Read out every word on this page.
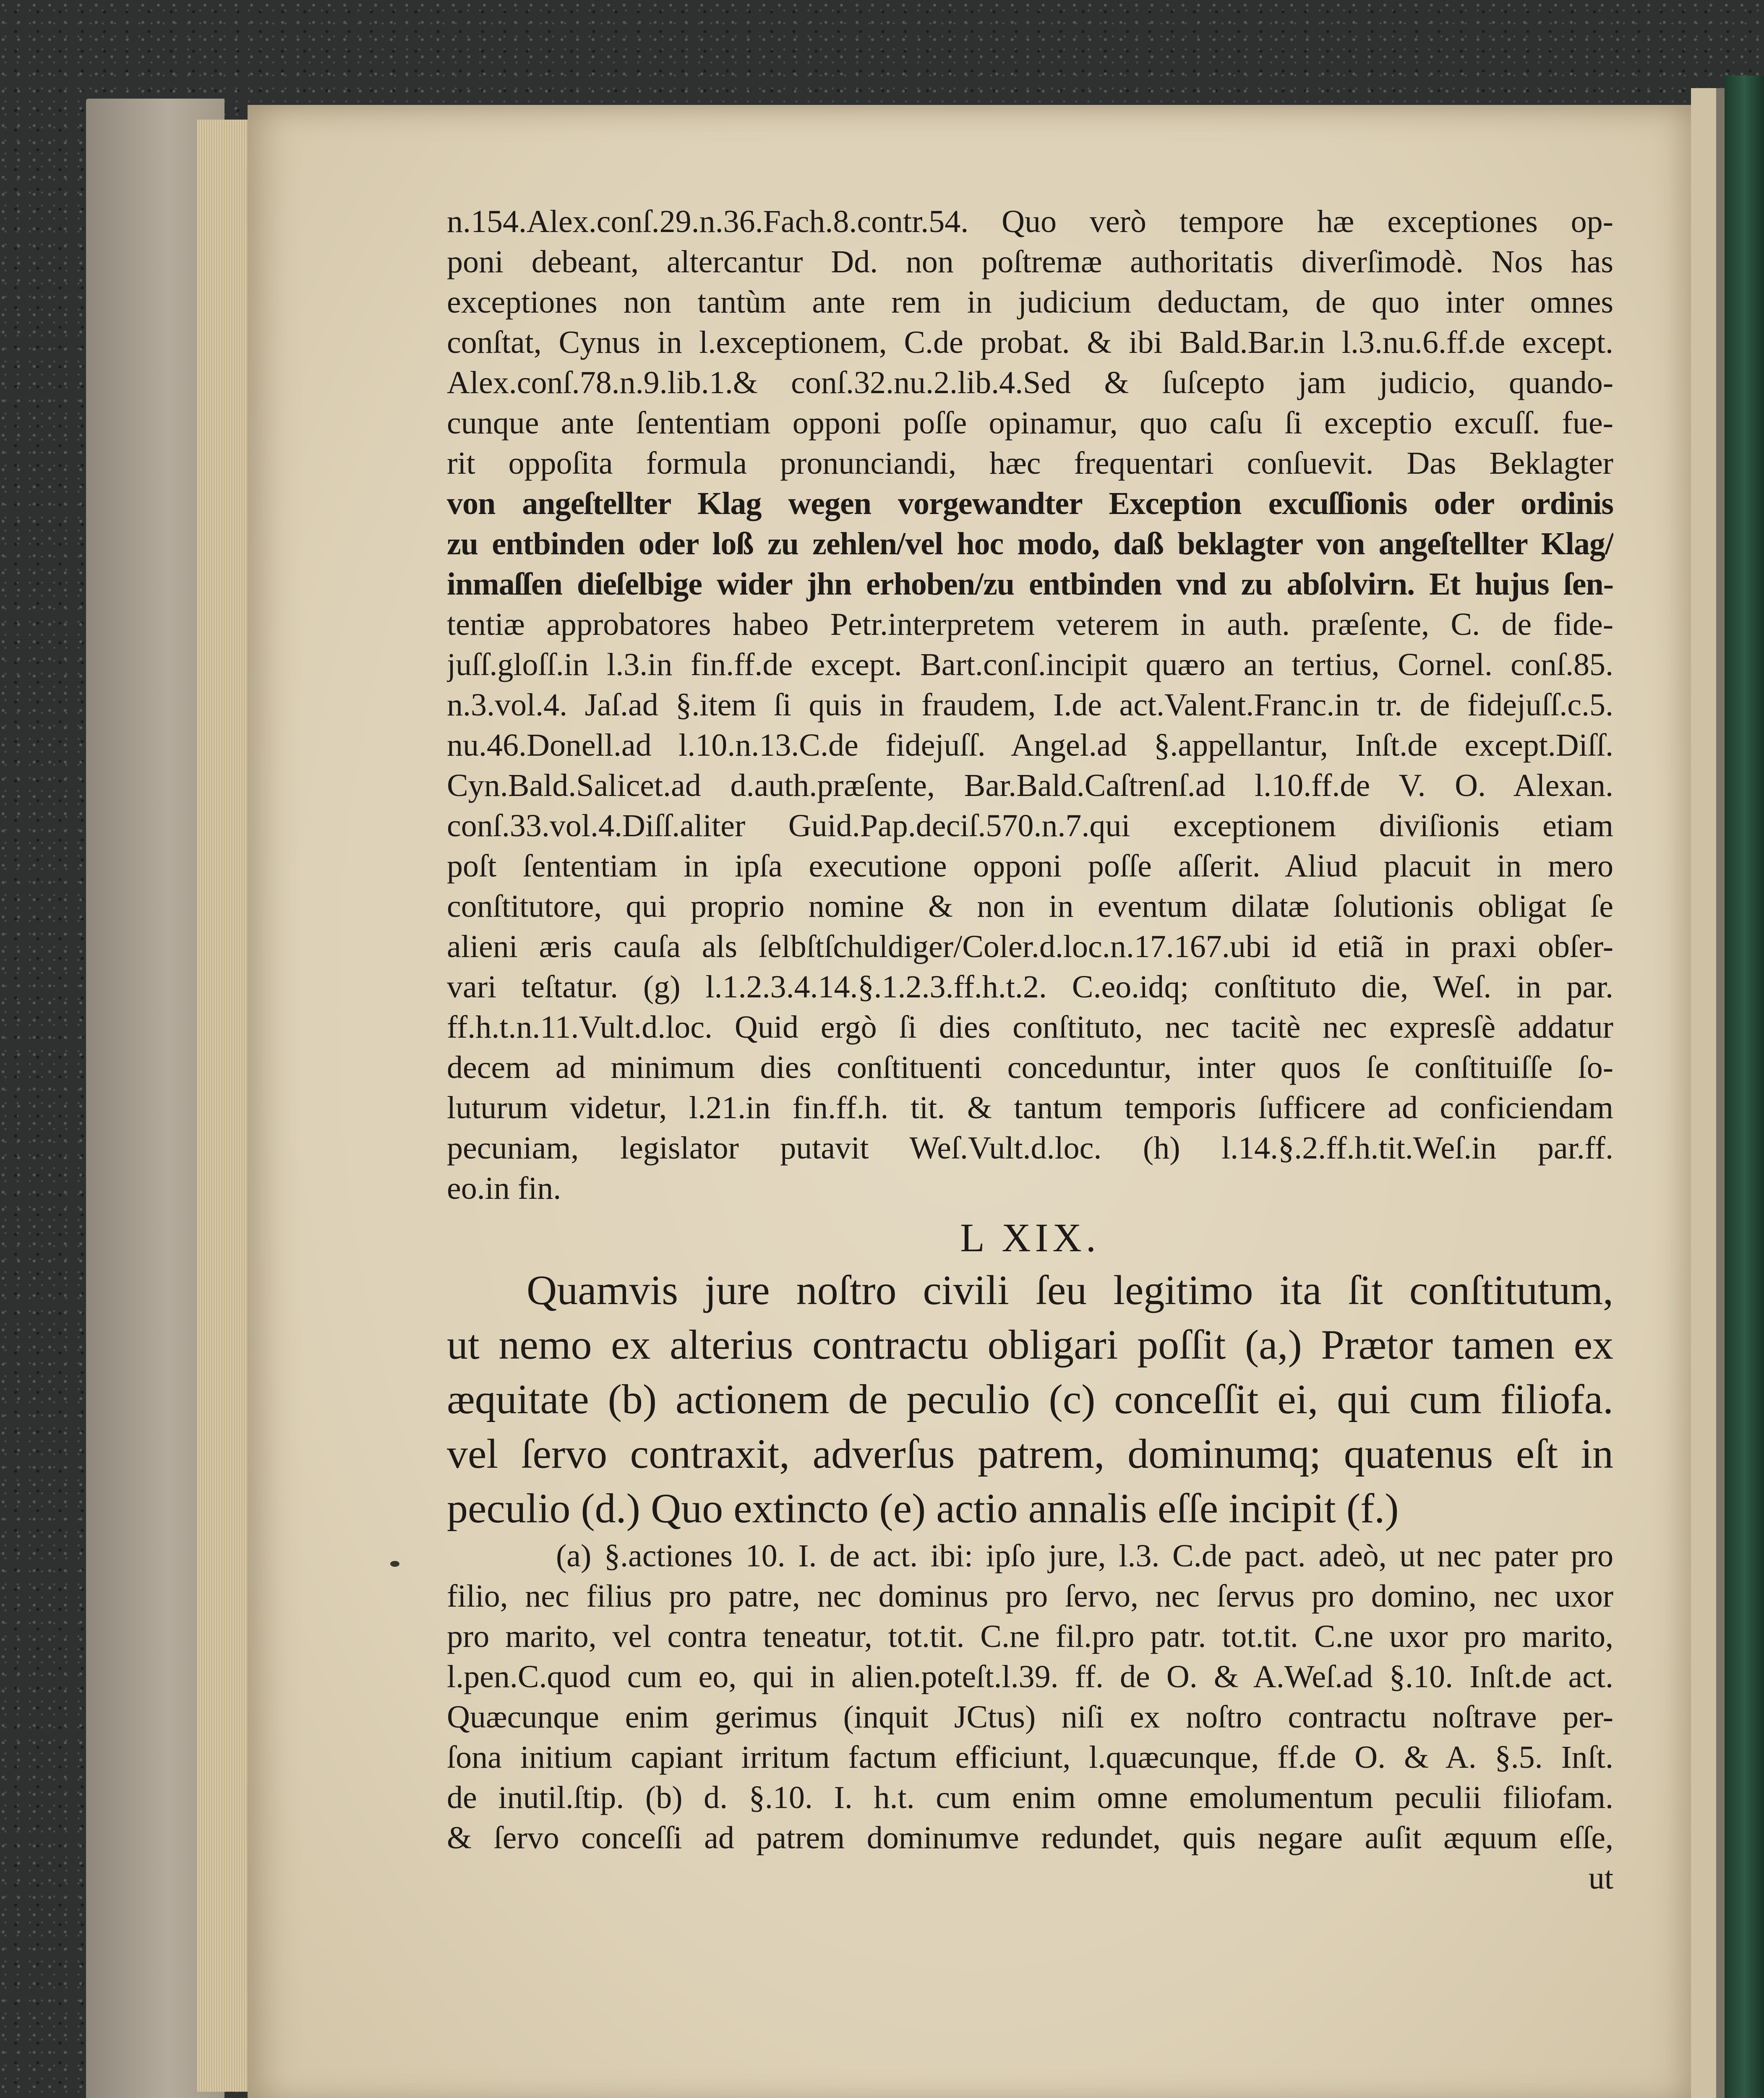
n.154.Alex.conſ.29.n.36.Fach.8.contr.54. Quo verò tempore hæ exceptiones op-
poni debeant, altercantur Dd. non poſtremæ authoritatis diverſimodè. Nos has
exceptiones non tantùm ante rem in judicium deductam, de quo inter omnes
conſtat, Cynus in l.exceptionem, C.de probat. & ibi Bald.Bar.in l.3.nu.6.ff.de except.
Alex.conſ.78.n.9.lib.1.& conſ.32.nu.2.lib.4.Sed & ſuſcepto jam judicio, quando-
cunque ante ſententiam opponi poſſe opinamur, quo caſu ſi exceptio excuſſ. fue-
rit oppoſita formula pronunciandi, hæc frequentari conſuevit. Das Beklagter
von angeſtellter Klag wegen vorgewandter Exception excuſſionis oder ordinis
zu entbinden oder loß zu zehlen/vel hoc modo, daß beklagter von angeſtellter Klag/
inmaſſen dieſelbige wider jhn erhoben/zu entbinden vnd zu abſolvirn. Et hujus ſen-
tentiæ approbatores habeo Petr.interpretem veterem in auth. præſente, C. de fide-
juſſ.gloſſ.in l.3.in fin.ff.de except. Bart.conſ.incipit quæro an tertius, Cornel. conſ.85.
n.3.vol.4. Jaſ.ad §.item ſi quis in fraudem, I.de act.Valent.Franc.in tr. de fidejuſſ.c.5.
nu.46.Donell.ad l.10.n.13.C.de fidejuſſ. Angel.ad §.appellantur, Inſt.de except.Diſſ.
Cyn.Bald.Salicet.ad d.auth.præſente, Bar.Bald.Caſtrenſ.ad l.10.ff.de V. O. Alexan.
conſ.33.vol.4.Diſſ.aliter Guid.Pap.deciſ.570.n.7.qui exceptionem diviſionis etiam
poſt ſententiam in ipſa executione opponi poſſe aſſerit. Aliud placuit in mero
conſtitutore, qui proprio nomine & non in eventum dilatæ ſolutionis obligat ſe
alieni æris cauſa als ſelbſtſchuldiger/Coler.d.loc.n.17.167.ubi id etiã in praxi obſer-
vari teſtatur. (g) l.1.2.3.4.14.§.1.2.3.ff.h.t.2. C.eo.idq; conſtituto die, Weſ. in par.
ff.h.t.n.11.Vult.d.loc. Quid ergò ſi dies conſtituto, nec tacitè nec expresſè addatur
decem ad minimum dies conſtituenti conceduntur, inter quos ſe conſtituiſſe ſo-
luturum videtur, l.21.in fin.ff.h. tit. & tantum temporis ſufficere ad conficiendam
pecuniam, legislator putavit Weſ.Vult.d.loc. (h) l.14.§.2.ff.h.tit.Weſ.in par.ff.
eo.in fin.
L XIX.
Quamvis jure noſtro civili ſeu legitimo ita ſit conſtitutum,
ut nemo ex alterius contractu obligari poſſit (a,) Prætor tamen ex
æquitate (b) actionem de peculio (c) conceſſit ei, qui cum filiofa.
vel ſervo contraxit, adverſus patrem, dominumq; quatenus eſt in
peculio (d.) Quo extincto (e) actio annalis eſſe incipit (f.)
(a) §.actiones 10. I. de act. ibi: ipſo jure, l.3. C.de pact. adeò, ut nec pater pro
filio, nec filius pro patre, nec dominus pro ſervo, nec ſervus pro domino, nec uxor
pro marito, vel contra teneatur, tot.tit. C.ne fil.pro patr. tot.tit. C.ne uxor pro marito,
l.pen.C.quod cum eo, qui in alien.poteſt.l.39. ff. de O. & A.Weſ.ad §.10. Inſt.de act.
Quæcunque enim gerimus (inquit JCtus) niſi ex noſtro contractu noſtrave per-
ſona initium capiant irritum factum efficiunt, l.quæcunque, ff.de O. & A. §.5. Inſt.
de inutil.ſtip. (b) d. §.10. I. h.t. cum enim omne emolumentum peculii filiofam.
& ſervo conceſſi ad patrem dominumve redundet, quis negare auſit æquum eſſe,
ut
